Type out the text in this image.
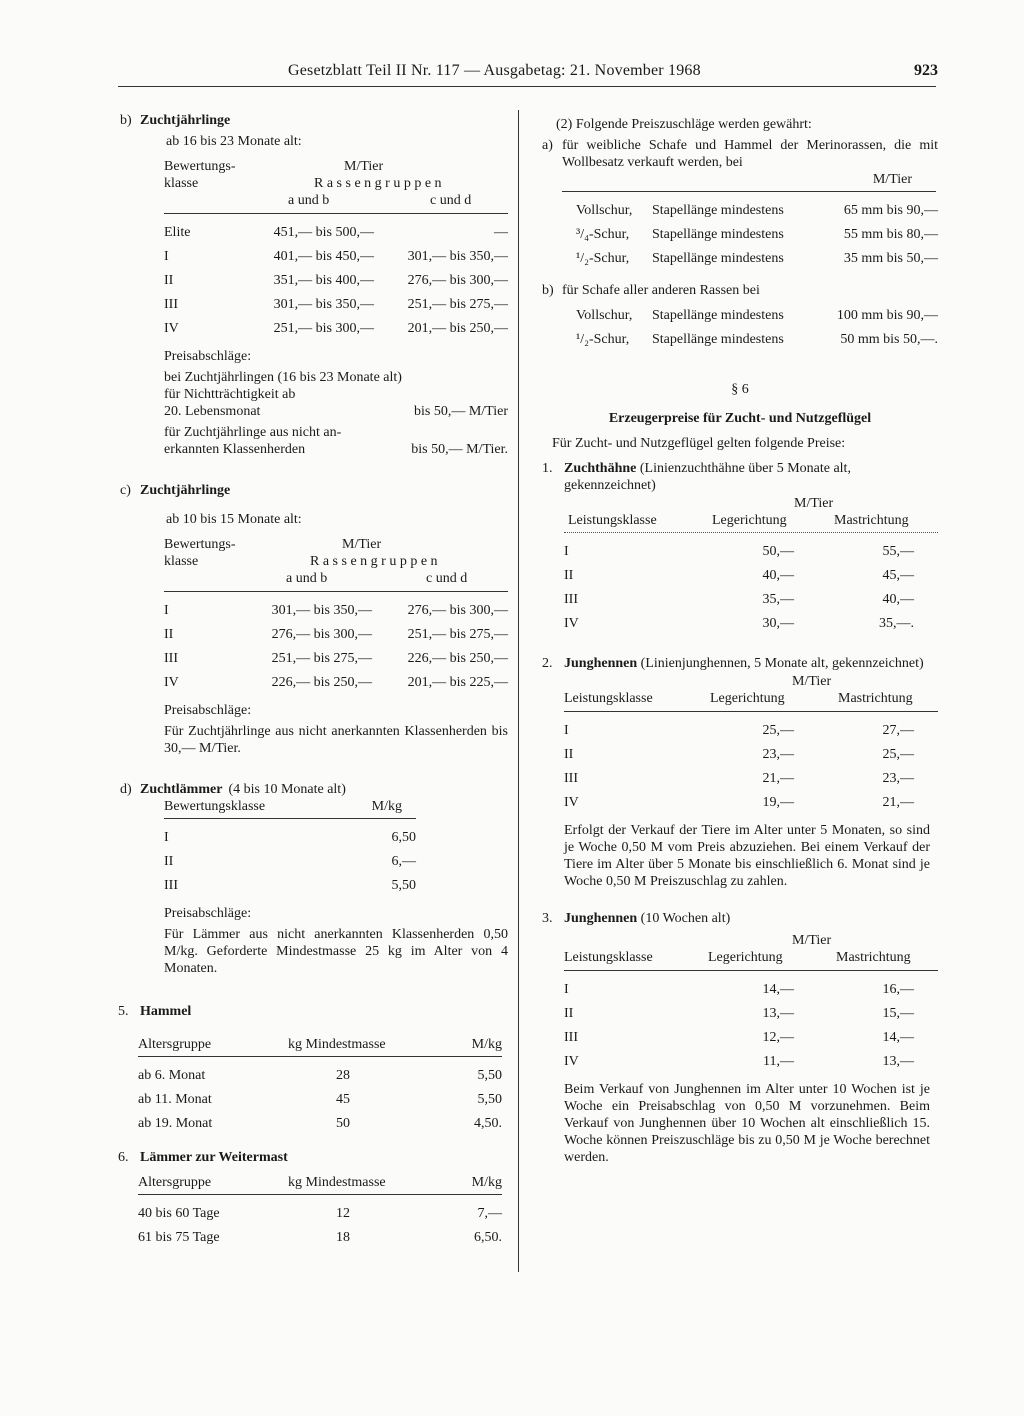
Gesetzblatt Teil II Nr. 117 — Ausgabetag: 21. November 1968	923
b) Zuchtjährlinge
ab 16 bis 23 Monate alt:
Bewertungs-
klasse
M/Tier
Rassengruppen
a und b	c und d
Elite	451,— bis 500,—	—
I	401,— bis 450,—	301,— bis 350,—
II	351,— bis 400,—	276,— bis 300,—
III	301,— bis 350,—	251,— bis 275,—
IV	251,— bis 300,—	201,— bis 250,—
Preisabschläge:
bei Zuchtjährlingen (16 bis 23 Monate alt)
für Nichtträchtigkeit ab
20. Lebensmonat	bis 50,— M/Tier
für Zuchtjährlinge aus nicht an-
erkannten Klassenherden	bis 50,— M/Tier.
c) Zuchtjährlinge
ab 10 bis 15 Monate alt:
Bewertungs-
klasse
M/Tier
Rassengruppen
a und b	c und d
I	301,— bis 350,—	276,— bis 300,—
II	276,— bis 300,—	251,— bis 275,—
III	251,— bis 275,—	226,— bis 250,—
IV	226,— bis 250,—	201,— bis 225,—
Preisabschläge:
Für Zuchtjährlinge aus nicht anerkannten Klassenherden bis 30,— M/Tier.
d) Zuchtlämmer (4 bis 10 Monate alt)
Bewertungsklasse	M/kg
I	6,50
II	6,—
III	5,50
Preisabschläge:
Für Lämmer aus nicht anerkannten Klassenherden 0,50 M/kg. Geforderte Mindestmasse 25 kg im Alter von 4 Monaten.
5. Hammel
Altersgruppe	kg Mindestmasse	M/kg
ab 6. Monat	28	5,50
ab 11. Monat	45	5,50
ab 19. Monat	50	4,50.
6. Lämmer zur Weitermast
Altersgruppe	kg Mindestmasse	M/kg
40 bis 60 Tage	12	7,—
61 bis 75 Tage	18	6,50.
(2) Folgende Preiszuschläge werden gewährt:
a) für weibliche Schafe und Hammel der Merinorassen, die mit Wollbesatz verkauft werden, bei
M/Tier
Vollschur,	Stapellänge mindestens	65 mm bis 90,—
³/₄-Schur,	Stapellänge mindestens	55 mm bis 80,—
¹/₂-Schur,	Stapellänge mindestens	35 mm bis 50,—
b) für Schafe aller anderen Rassen bei
Vollschur,	Stapellänge mindestens	100 mm bis 90,—
¹/₂-Schur,	Stapellänge mindestens	50 mm bis 50,—.
§ 6
Erzeugerpreise für Zucht- und Nutzgeflügel
Für Zucht- und Nutzgeflügel gelten folgende Preise:
1. Zuchthähne (Linienzuchthähne über 5 Monate alt, gekennzeichnet)
M/Tier
Leistungsklasse	Legerichtung	Mastrichtung
I	50,—	55,—
II	40,—	45,—
III	35,—	40,—
IV	30,—	35,—.
2. Junghennen (Linienjunghennen, 5 Monate alt, gekennzeichnet)
M/Tier
Leistungsklasse	Legerichtung	Mastrichtung
I	25,—	27,—
II	23,—	25,—
III	21,—	23,—
IV	19,—	21,—
Erfolgt der Verkauf der Tiere im Alter unter 5 Monaten, so sind je Woche 0,50 M vom Preis abzuziehen. Bei einem Verkauf der Tiere im Alter über 5 Monate bis einschließlich 6. Monat sind je Woche 0,50 M Preiszuschlag zu zahlen.
3. Junghennen (10 Wochen alt)
M/Tier
Leistungsklasse	Legerichtung	Mastrichtung
I	14,—	16,—
II	13,—	15,—
III	12,—	14,—
IV	11,—	13,—
Beim Verkauf von Junghennen im Alter unter 10 Wochen ist je Woche ein Preisabschlag von 0,50 M vorzunehmen. Beim Verkauf von Junghennen über 10 Wochen alt einschließlich 15. Woche können Preiszuschläge bis zu 0,50 M je Woche berechnet werden.
